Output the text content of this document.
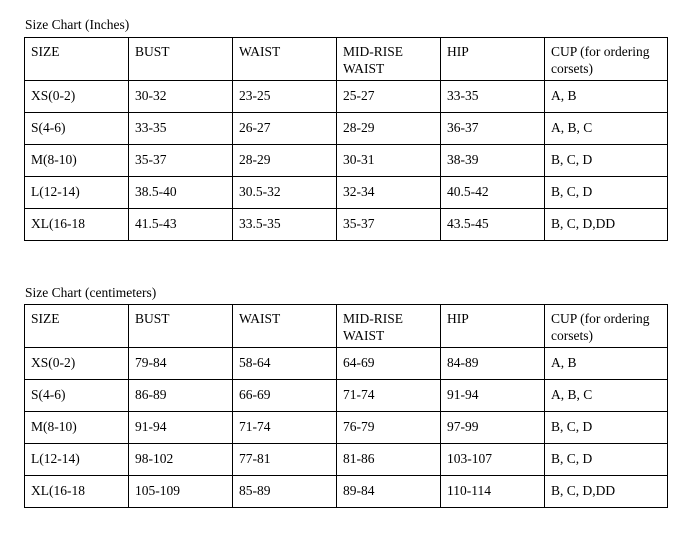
Size Chart (Inches)
SIZE	BUST	WAIST	MID-RISE WAIST	HIP	CUP (for ordering corsets)
XS(0-2)	30-32	23-25	25-27	33-35	A, B
S(4-6)	33-35	26-27	28-29	36-37	A, B, C
M(8-10)	35-37	28-29	30-31	38-39	B, C, D
L(12-14)	38.5-40	30.5-32	32-34	40.5-42	B, C, D
XL(16-18	41.5-43	33.5-35	35-37	43.5-45	B, C, D,DD
Size Chart (centimeters)
SIZE	BUST	WAIST	MID-RISE WAIST	HIP	CUP (for ordering corsets)
XS(0-2)	79-84	58-64	64-69	84-89	A, B
S(4-6)	86-89	66-69	71-74	91-94	A, B, C
M(8-10)	91-94	71-74	76-79	97-99	B, C, D
L(12-14)	98-102	77-81	81-86	103-107	B, C, D
XL(16-18	105-109	85-89	89-84	110-114	B, C, D,DD
